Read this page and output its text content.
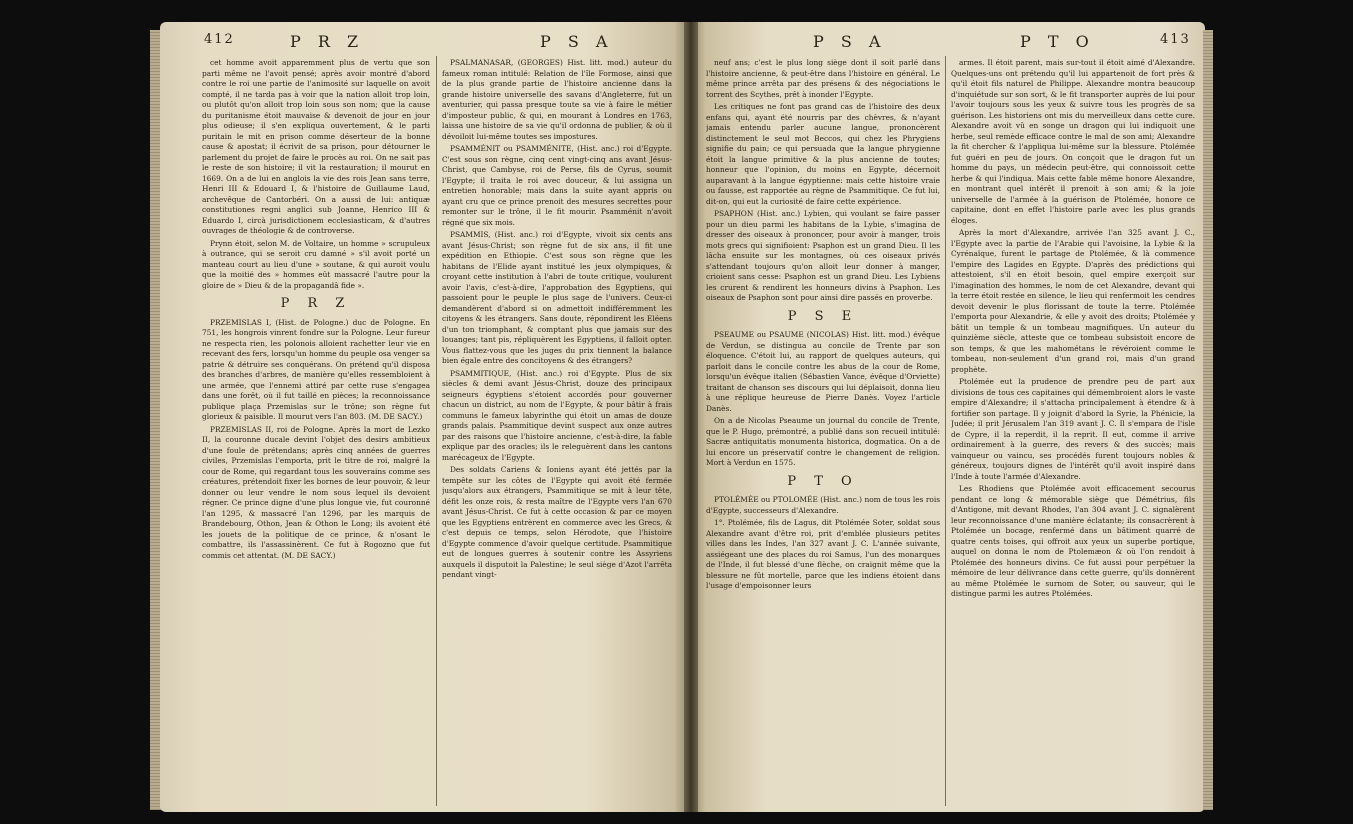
412	P R Z	P S A	P S A	P T O	413

cet homme avoit apparemment plus de vertu que son parti même ne l'avoit pensé; après avoir montré d'abord contre le roi une partie de l'animosité sur laquelle on avoit compté, il ne tarda pas à voir que la nation alloit trop loin, ou plutôt qu'on alloit trop loin sous son nom; que la cause du puritanisme étoit mauvaise & devenoit de jour en jour plus odieuse; il s'en expliqua ouvertement, & le parti puritain le mit en prison comme déserteur de la bonne cause & apostat; il écrivit de sa prison, pour détourner le parlement du projet de faire le procès au roi. On ne sait pas le reste de son histoire; il vit la restauration; il mourut en 1669. On a de lui en anglois la vie des rois Jean sans terre, Henri III & Edouard I, & l'histoire de Guillaume Laud, archevêque de Cantorbéri. On a aussi de lui: antiquæ constitutiones regni anglici sub Joanne, Henrico III & Eduardo I, circà jurisdictionem ecclesiasticam, & d'autres ouvrages de théologie & de controverse.

Prynn étoit, selon M. de Voltaire, un homme » scrupuleux à outrance, qui se seroit cru damné » s'il avoit porté un manteau court au lieu d'une » soutane, & qui auroit voulu que la moitié des » hommes eût massacré l'autre pour la gloire de » Dieu & de la propagandâ fide ».

P R Z

PRZEMISLAS I, (Hist. de Pologne.) duc de Pologne. En 751, les hongrois vinrent fondre sur la Pologne. Leur fureur ne respecta rien, les polonois alloient rachetter leur vie en recevant des fers, lorsqu'un homme du peuple osa venger sa patrie & détruire ses conquérans. On prétend qu'il disposa des branches d'arbres, de manière qu'elles ressembloient à une armée, que l'ennemi attiré par cette ruse s'engagea dans une forêt, où il fut taillé en pièces; la reconnoissance publique plaça Przemislas sur le trône; son règne fut glorieux & paisible. Il mourut vers l'an 803. (M. DE SACY.)

PRZEMISLAS II, roi de Pologne. Après la mort de Lezko II, la couronne ducale devint l'objet des desirs ambitieux d'une foule de prétendans; après cinq années de guerres civiles, Przemislas l'emporta, prit le titre de roi, malgré la cour de Rome, qui regardant tous les souverains comme ses créatures, prétendoit fixer les bornes de leur pouvoir, & leur donner ou leur vendre le nom sous lequel ils devoient régner. Ce prince digne d'une plus longue vie, fut couronné l'an 1295, & massacré l'an 1296, par les marquis de Brandebourg, Othon, Jean & Othon le Long; ils avoient été les jouets de la politique de ce prince, & n'osant le combattre, ils l'assassinèrent. Ce fut à Rogozno que fut commis cet attentat. (M. DE SACY.)

PSALMANASAR, (GEORGES) Hist. litt. mod.) auteur du fameux roman intitulé: Relation de l'île Formose, ainsi que de la plus grande partie de l'histoire ancienne dans la grande histoire universelle des savans d'Angleterre, fut un aventurier, qui passa presque toute sa vie à faire le métier d'imposteur public, & qui, en mourant à Londres en 1763, laissa une histoire de sa vie qu'il ordonna de publier, & où il dévoiloit lui-même toutes ses impostures.

PSAMMÉNIT ou PSAMMÉNITE, (Hist. anc.) roi d'Egypte. C'est sous son règne, cinq cent vingt-cinq ans avant Jésus-Christ, que Cambyse, roi de Perse, fils de Cyrus, soumit l'Egypte; il traita le roi avec douceur, & lui assigna un entretien honorable; mais dans la suite ayant appris ou ayant cru que ce prince prenoit des mesures secrettes pour remonter sur le trône, il le fit mourir. Psamménit n'avoit régné que six mois.

PSAMMIS, (Hist. anc.) roi d'Egypte, vivoit six cents ans avant Jésus-Christ; son règne fut de six ans, il fit une expédition en Ethiopie. C'est sous son règne que les habitans de l'Elide ayant institué les jeux olympiques, & croyant cette institution à l'abri de toute critique, voulurent avoir l'avis, c'est-à-dire, l'approbation des Egyptiens, qui passoient pour le peuple le plus sage de l'univers. Ceux-ci demandèrent d'abord si on admettoit indifféremment les citoyens & les étrangers. Sans doute, répondirent les Eléens d'un ton triomphant, & comptant plus que jamais sur des louanges; tant pis, répliquèrent les Egyptiens, il falloit opter. Vous flattez-vous que les juges du prix tiennent la balance bien égale entre des concitoyens & des étrangers?

PSAMMITIQUE, (Hist. anc.) roi d'Egypte. Plus de six siècles & demi avant Jésus-Christ, douze des principaux seigneurs égyptiens s'étoient accordés pour gouverner chacun un district, au nom de l'Egypte, & pour bâtir à frais communs le fameux labyrinthe qui étoit un amas de douze grands palais. Psammitique devint suspect aux onze autres par des raisons que l'histoire ancienne, c'est-à-dire, la fable explique par des oracles; ils le releguèrent dans les cantons marécageux de l'Egypte.

Des soldats Cariens & Ioniens ayant été jettés par la tempête sur les côtes de l'Egypte qui avoit été fermée jusqu'alors aux étrangers, Psammitique se mit à leur tête, défit les onze rois, & resta maître de l'Egypte vers l'an 670 avant Jésus-Christ. Ce fut à cette occasion & par ce moyen que les Egyptiens entrèrent en commerce avec les Grecs, & c'est depuis ce temps, selon Hérodote, que l'histoire d'Egypte commence d'avoir quelque certitude. Psammitique eut de longues guerres à soutenir contre les Assyriens auxquels il disputoit la Palestine; le seul siège d'Azot l'arrêta pendant vingt-

neuf ans; c'est le plus long siège dont il soit parlé dans l'histoire ancienne, & peut-être dans l'histoire en général. Le même prince arrêta par des présens & des négociations le torrent des Scythes, prêt à inonder l'Egypte.

Les critiques ne font pas grand cas de l'histoire des deux enfans qui, ayant été nourris par des chèvres, & n'ayant jamais entendu parler aucune langue, prononcèrent distinctement le seul mot Beccos, qui chez les Phrygiens signifie du pain; ce qui persuada que la langue phrygienne étoit la langue primitive & la plus ancienne de toutes; honneur que l'opinion, du moins en Egypte, décernoit auparavant à la langue égyptienne: mais cette histoire vraie ou fausse, est rapportée au règne de Psammitique. Ce fut lui, dit-on, qui eut la curiosité de faire cette expérience.

PSAPHON (Hist. anc.) Lybien, qui voulant se faire passer pour un dieu parmi les habitans de la Lybie, s'imagina de dresser des oiseaux à prononcer, pour avoir à manger, trois mots grecs qui signifioient: Psaphon est un grand Dieu. Il les lâcha ensuite sur les montagnes, où ces oiseaux privés s'attendant toujours qu'on alloit leur donner à manger, crioient sans cesse: Psaphon est un grand Dieu. Les Lybiens les crurent & rendirent les honneurs divins à Psaphon. Les oiseaux de Psaphon sont pour ainsi dire passés en proverbe.

P S E

PSEAUME ou PSAUME (NICOLAS) Hist. litt. mod.) évêque de Verdun, se distingua au concile de Trente par son éloquence. C'étoit lui, au rapport de quelques auteurs, qui parloit dans le concile contre les abus de la cour de Rome, lorsqu'un évêque italien (Sébastien Vance, évêque d'Orviette) traitant de chanson ses discours qui lui déplaisoit, donna lieu à une réplique heureuse de Pierre Danès. Voyez l'article Danès.

On a de Nicolas Pseaume un journal du concile de Trente, que le P. Hugo, prémontré, a publié dans son recueil intitulé: Sacræ antiquitatis monumenta historica, dogmatica. On a de lui encore un préservatif contre le changement de religion. Mort à Verdun en 1575.

P T O

PTOLÉMÉE ou PTOLOMÉE (Hist. anc.) nom de tous les rois d'Egypte, successeurs d'Alexandre.

1°. Ptolémée, fils de Lagus, dit Ptolémée Soter, soldat sous Alexandre avant d'être roi, prit d'emblée plusieurs petites villes dans les Indes, l'an 327 avant J. C. L'année suivante, assiégeant une des places du roi Samus, l'un des monarques de l'Inde, il fut blessé d'une flèche, on craignit même que la blessure ne fût mortelle, parce que les indiens étoient dans l'usage d'empoisonner leurs

armes. Il étoit parent, mais sur-tout il étoit aimé d'Alexandre. Quelques-uns ont prétendu qu'il lui appartenoit de fort près & qu'il étoit fils naturel de Philippe. Alexandre montra beaucoup d'inquiétude sur son sort, & le fit transporter auprès de lui pour l'avoir toujours sous les yeux & suivre tous les progrès de sa guérison. Les historiens ont mis du merveilleux dans cette cure. Alexandre avoit vû en songe un dragon qui lui indiquoit une herbe, seul remède efficace contre le mal de son ami; Alexandre la fit chercher & l'appliqua lui-même sur la blessure. Ptolémée fut guéri en peu de jours. On conçoit que le dragon fut un homme du pays, un médecin peut-être, qui connoissoit cette herbe & qui l'indiqua. Mais cette fable même honore Alexandre, en montrant quel intérêt il prenoit à son ami; & la joie universelle de l'armée à la guérison de Ptolémée, honore ce capitaine, dont en effet l'histoire parle avec les plus grands éloges.

Après la mort d'Alexandre, arrivée l'an 325 avant J. C., l'Egypte avec la partie de l'Arabie qui l'avoisine, la Lybie & la Cyrénaïque, furent le partage de Ptolémée, & là commence l'empire des Lagides en Egypte. D'après des prédictions qui attestoient, s'il en étoit besoin, quel empire exerçoit sur l'imagination des hommes, le nom de cet Alexandre, devant qui la terre étoit restée en silence, le lieu qui renfermoit les cendres devoit devenir le plus florissant de toute la terre. Ptolémée l'emporta pour Alexandrie, & elle y avoit des droits; Ptolémée y bâtit un temple & un tombeau magnifiques. Un auteur du quinzième siècle, atteste que ce tombeau subsistoit encore de son temps, & que les mahométans le révéroient comme le tombeau, non-seulement d'un grand roi, mais d'un grand prophète.

Ptolémée eut la prudence de prendre peu de part aux divisions de tous ces capitaines qui démembroient alors le vaste empire d'Alexandre; il s'attacha principalement à étendre & à fortifier son partage. Il y joignit d'abord la Syrie, la Phénicie, la Judée; il prit Jérusalem l'an 319 avant J. C. Il s'empara de l'isle de Cypre, il la reperdit, il la reprit. Il eut, comme il arrive ordinairement à la guerre, des revers & des succès; mais vainqueur ou vaincu, ses procédés furent toujours nobles & généreux, toujours dignes de l'intérêt qu'il avoit inspiré dans l'Inde à toute l'armée d'Alexandre.

Les Rhodiens que Ptolémée avoit efficacement secourus pendant ce long & mémorable siège que Démétrius, fils d'Antigone, mit devant Rhodes, l'an 304 avant J. C. signalèrent leur reconnoissance d'une manière éclatante; ils consacrèrent à Ptolémée un bocage, renfermé dans un bâtiment quarré de quatre cents toises, qui offroit aux yeux un superbe portique, auquel on donna le nom de Ptolemæon & où l'on rendoit à Ptolémée des honneurs divins. Ce fut aussi pour perpétuer la mémoire de leur délivrance dans cette guerre, qu'ils donnèrent au même Ptolémée le surnom de Soter, ou sauveur, qui le distingue parmi les autres Ptolémées.
